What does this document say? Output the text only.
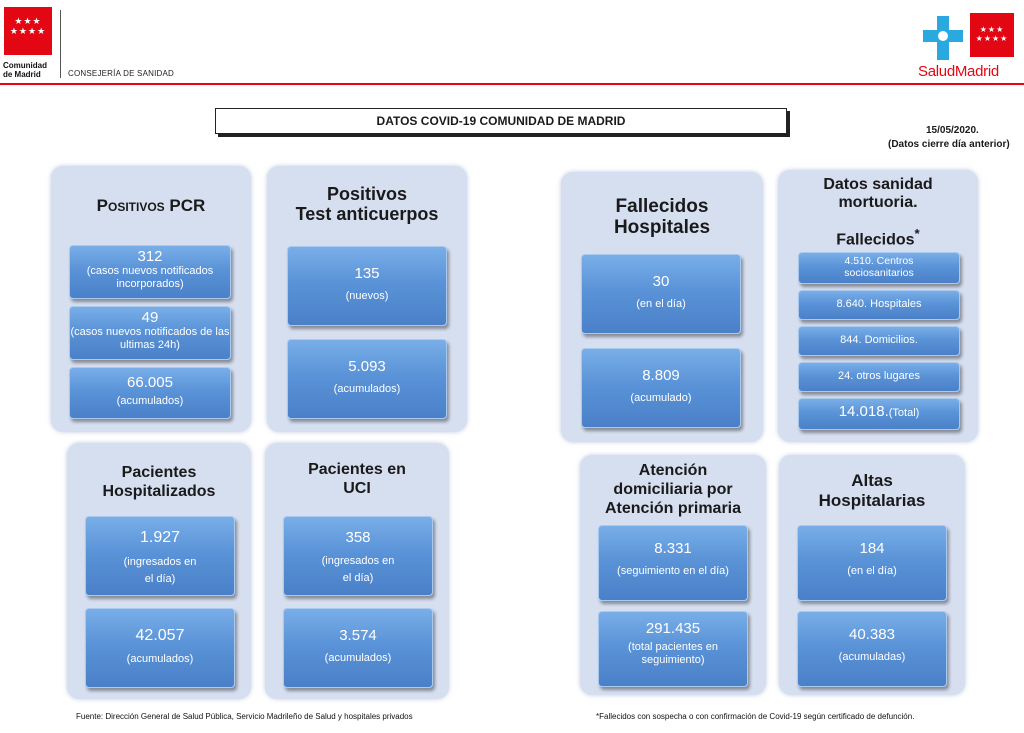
★★★
★★★★
Comunidad
de Madrid	CONSEJERÍA DE SANIDAD
★★★
★★★★
SaludMadrid
DATOS COVID-19 COMUNIDAD DE MADRID
15/05/2020.
(Datos cierre día anterior)
Positivos PCR
312
(casos nuevos notificados incorporados)
49
(casos nuevos notificados de las ultimas 24h)
66.005
(acumulados)
Positivos
Test anticuerpos
135
(nuevos)
5.093
(acumulados)
Fallecidos
Hospitales
30
(en el día)
8.809
(acumulado)
Datos sanidad
mortuoria.
Fallecidos*
4.510. Centros sociosanitarios
8.640. Hospitales
844. Domicilios.
24. otros lugares
14.018.(Total)
Pacientes
Hospitalizados
1.927
(ingresados en
el día)
42.057
(acumulados)
Pacientes en
UCI
358
(ingresados en
el día)
3.574
(acumulados)
Atención
domiciliaria por
Atención primaria
8.331
(seguimiento en el día)
291.435
(total pacientes en
seguimiento)
Altas
Hospitalarias
184
(en el día)
40.383
(acumuladas)
Fuente: Dirección General de Salud Pública, Servicio Madrileño de Salud y hospitales privados	*Fallecidos con sospecha o con confirmación de Covid-19 según certificado de defunción.
